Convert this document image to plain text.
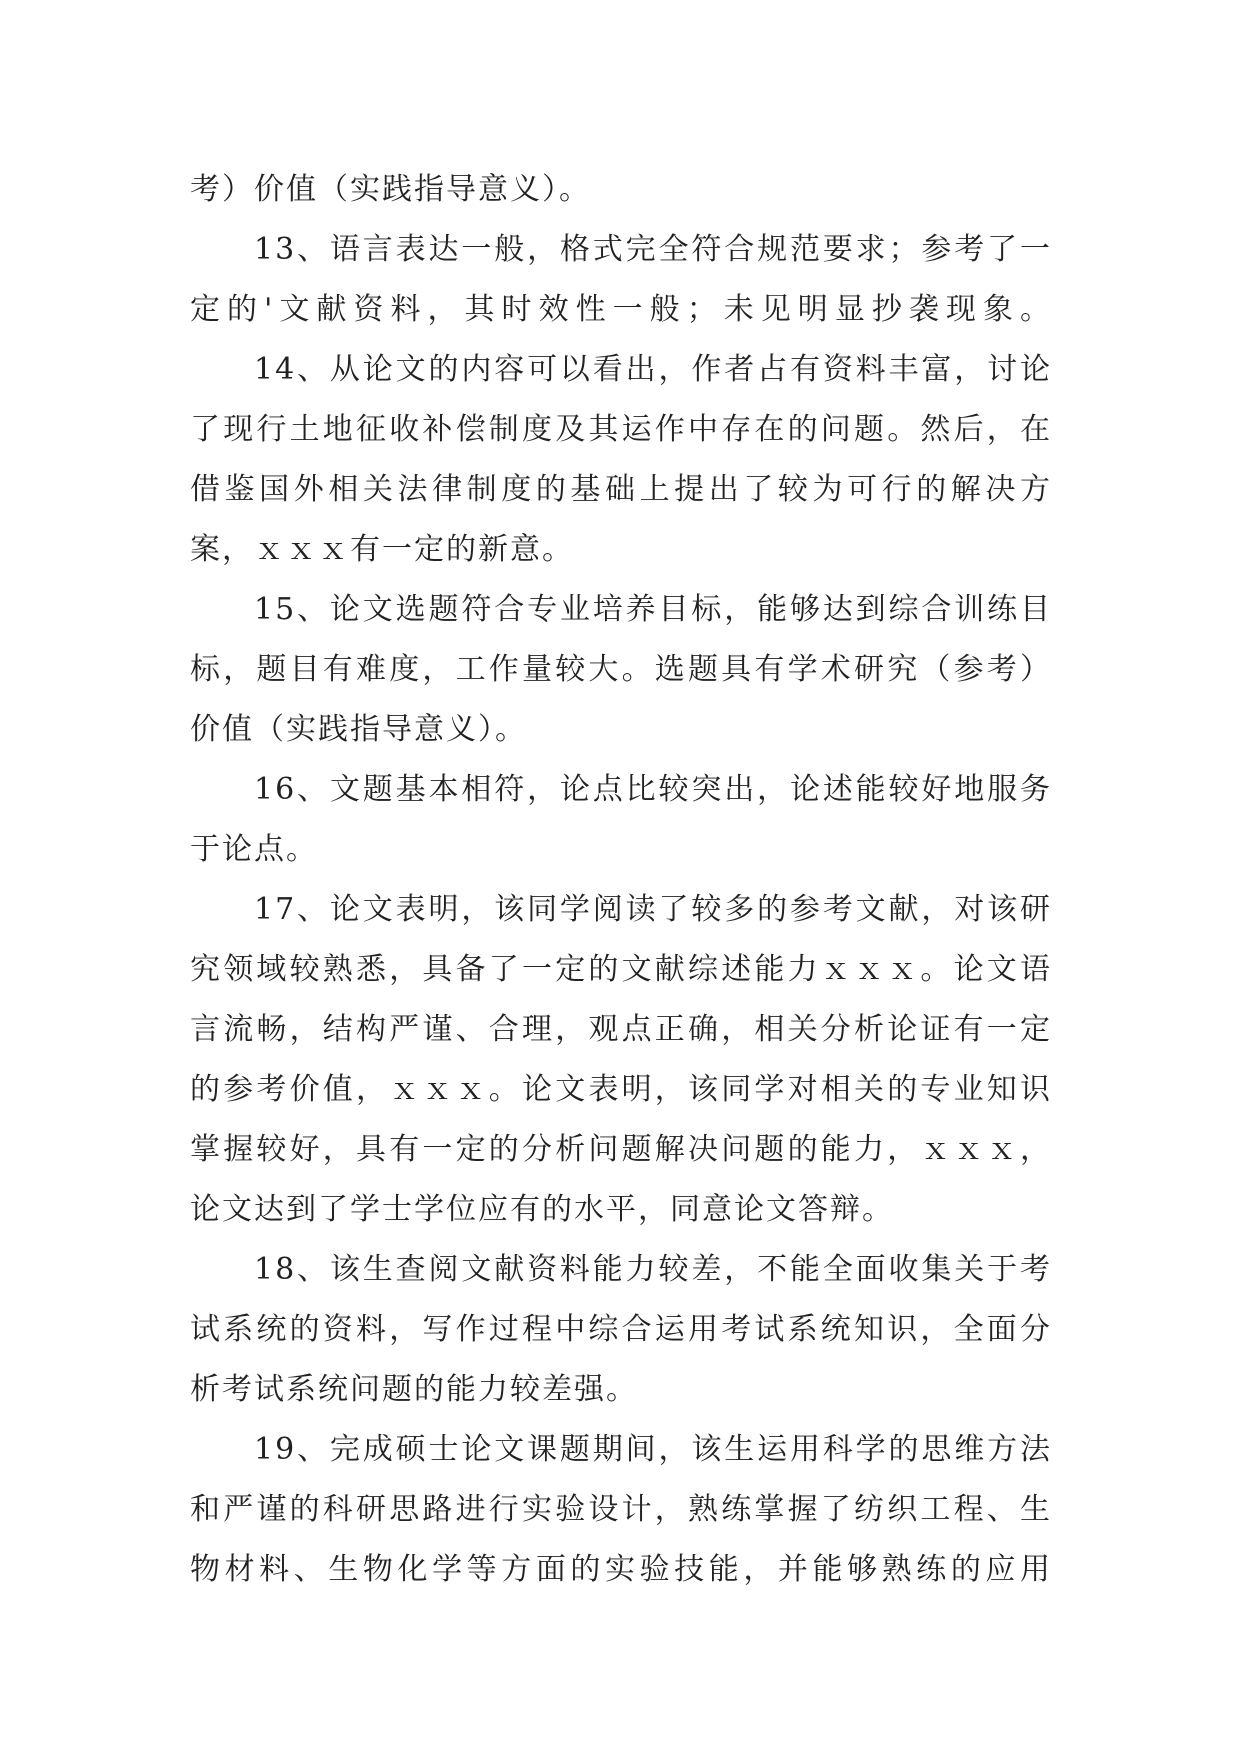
考）价值（实践指导意义）。
13、语言表达一般，格式完全符合规范要求；参考了一
定的'文献资料，其时效性一般；未见明显抄袭现象。
14、从论文的内容可以看出，作者占有资料丰富，讨论
了现行土地征收补偿制度及其运作中存在的问题。然后，在
借鉴国外相关法律制度的基础上提出了较为可行的解决方
案，ｘｘｘ有一定的新意。
15、论文选题符合专业培养目标，能够达到综合训练目
标，题目有难度，工作量较大。选题具有学术研究（参考）
价值（实践指导意义）。
16、文题基本相符，论点比较突出，论述能较好地服务
于论点。
17、论文表明，该同学阅读了较多的参考文献，对该研
究领域较熟悉，具备了一定的文献综述能力ｘｘｘ。论文语
言流畅，结构严谨、合理，观点正确，相关分析论证有一定
的参考价值，ｘｘｘ。论文表明，该同学对相关的专业知识
掌握较好，具有一定的分析问题解决问题的能力，ｘｘｘ，
论文达到了学士学位应有的水平，同意论文答辩。
18、该生查阅文献资料能力较差，不能全面收集关于考
试系统的资料，写作过程中综合运用考试系统知识，全面分
析考试系统问题的能力较差强。
19、完成硕士论文课题期间，该生运用科学的思维方法
和严谨的科研思路进行实验设计，熟练掌握了纺织工程、生
物材料、生物化学等方面的实验技能，并能够熟练的应用
